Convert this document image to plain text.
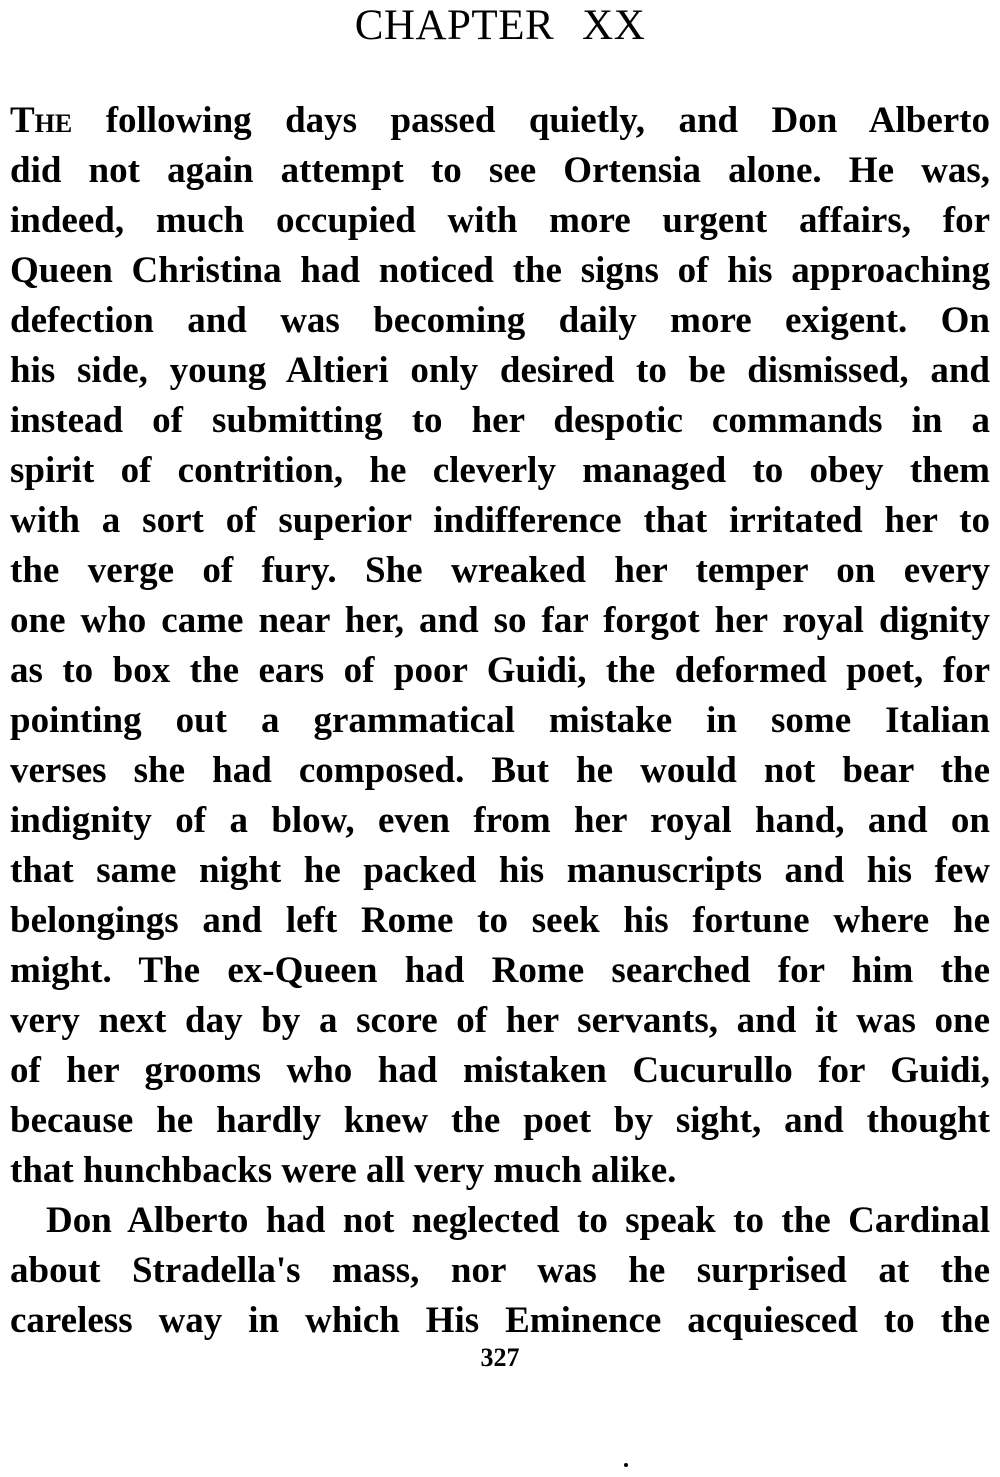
CHAPTER XX
The following days passed quietly, and Don Alberto
did not again attempt to see Ortensia alone. He was,
indeed, much occupied with more urgent affairs, for
Queen Christina had noticed the signs of his approaching
defection and was becoming daily more exigent. On
his side, young Altieri only desired to be dismissed, and
instead of submitting to her despotic commands in a
spirit of contrition, he cleverly managed to obey them
with a sort of superior indifference that irritated her to
the verge of fury. She wreaked her temper on every
one who came near her, and so far forgot her royal dignity
as to box the ears of poor Guidi, the deformed poet, for
pointing out a grammatical mistake in some Italian
verses she had composed. But he would not bear the
indignity of a blow, even from her royal hand, and on
that same night he packed his manuscripts and his few
belongings and left Rome to seek his fortune where he
might. The ex-Queen had Rome searched for him the
very next day by a score of her servants, and it was one
of her grooms who had mistaken Cucurullo for Guidi,
because he hardly knew the poet by sight, and thought
that hunchbacks were all very much alike.
Don Alberto had not neglected to speak to the Cardinal
about Stradella's mass, nor was he surprised at the
careless way in which His Eminence acquiesced to the
327
